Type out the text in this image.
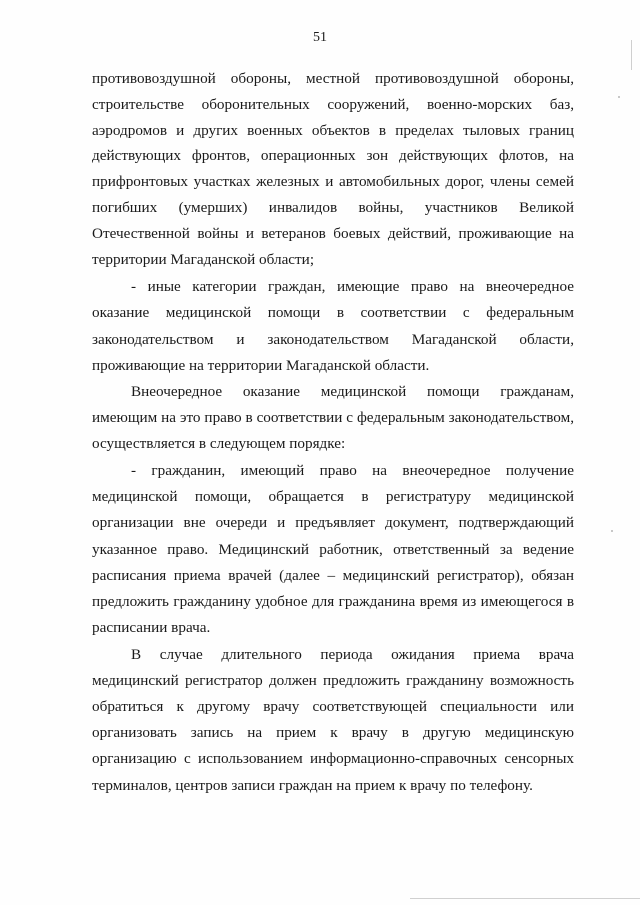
51
противовоздушной обороны, местной противовоздушной обороны,
строительстве оборонительных сооружений, военно-морских баз,
аэродромов и других военных объектов в пределах тыловых границ
действующих фронтов, операционных зон действующих флотов, на
прифронтовых участках железных и автомобильных дорог, члены семей
погибших (умерших) инвалидов войны, участников Великой
Отечественной войны и ветеранов боевых действий, проживающие на
территории Магаданской области;
- иные категории граждан, имеющие право на внеочередное
оказание медицинской помощи в соответствии с федеральным
законодательством и законодательством Магаданской области,
проживающие на территории Магаданской области.
Внеочередное оказание медицинской помощи гражданам,
имеющим на это право в соответствии с федеральным законодательством,
осуществляется в следующем порядке:
- гражданин, имеющий право на внеочередное получение
медицинской помощи, обращается в регистратуру медицинской
организации вне очереди и предъявляет документ, подтверждающий
указанное право. Медицинский работник, ответственный за ведение
расписания приема врачей (далее – медицинский регистратор), обязан
предложить гражданину удобное для гражданина время из имеющегося в
расписании врача.
В случае длительного периода ожидания приема врача
медицинский регистратор должен предложить гражданину возможность
обратиться к другому врачу соответствующей специальности или
организовать запись на прием к врачу в другую медицинскую
организацию с использованием информационно-справочных сенсорных
терминалов, центров записи граждан на прием к врачу по телефону.
